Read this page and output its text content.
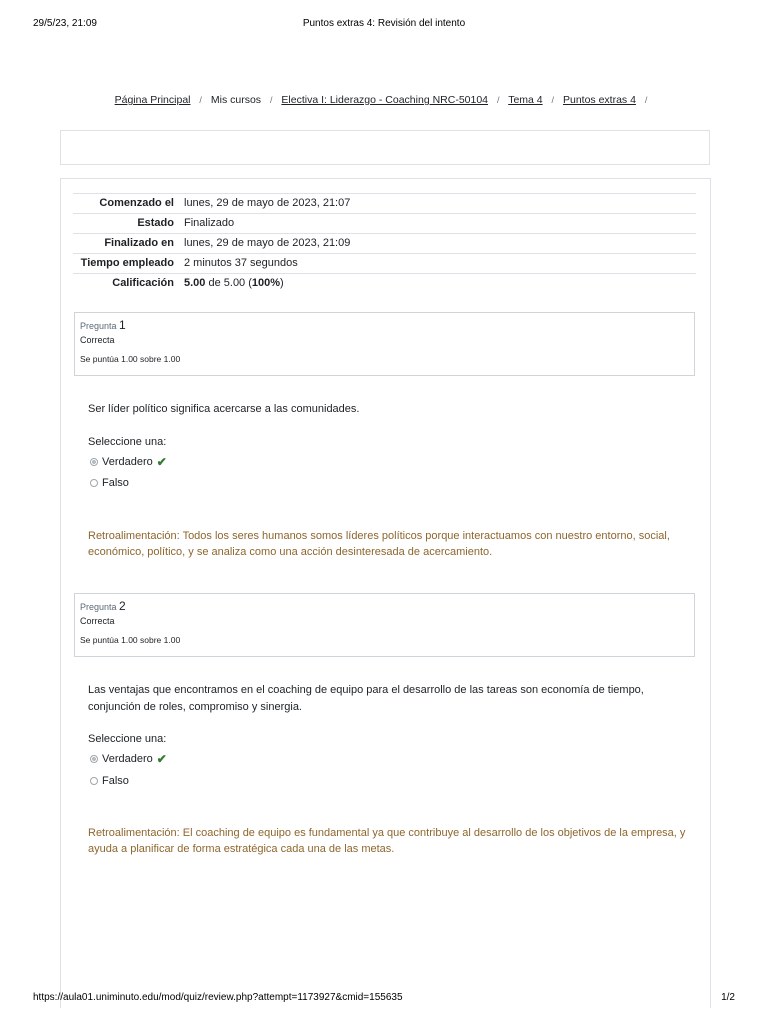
29/5/23, 21:09	Puntos extras 4: Revisión del intento
Página Principal / Mis cursos / Electiva I: Liderazgo - Coaching NRC-50104 / Tema 4 / Puntos extras 4 /
Comenzado el	lunes, 29 de mayo de 2023, 21:07
Estado	Finalizado
Finalizado en	lunes, 29 de mayo de 2023, 21:09
Tiempo empleado	2 minutos 37 segundos
Calificación	5.00 de 5.00 (100%)
Pregunta 1
Correcta
Se puntúa 1.00 sobre 1.00
Ser líder político significa acercarse a las comunidades.
Seleccione una:
Verdadero ✔
Falso
Retroalimentación: Todos los seres humanos somos líderes políticos porque interactuamos con nuestro entorno, social, económico, político, y se analiza como una acción desinteresada de acercamiento.
Pregunta 2
Correcta
Se puntúa 1.00 sobre 1.00
Las ventajas que encontramos en el coaching de equipo para el desarrollo de las tareas son economía de tiempo, conjunción de roles, compromiso y sinergia.
Seleccione una:
Verdadero ✔
Falso
Retroalimentación: El coaching de equipo es fundamental ya que contribuye al desarrollo de los objetivos de la empresa, y ayuda a planificar de forma estratégica cada una de las metas.
https://aula01.uniminuto.edu/mod/quiz/review.php?attempt=1173927&cmid=155635	1/2
